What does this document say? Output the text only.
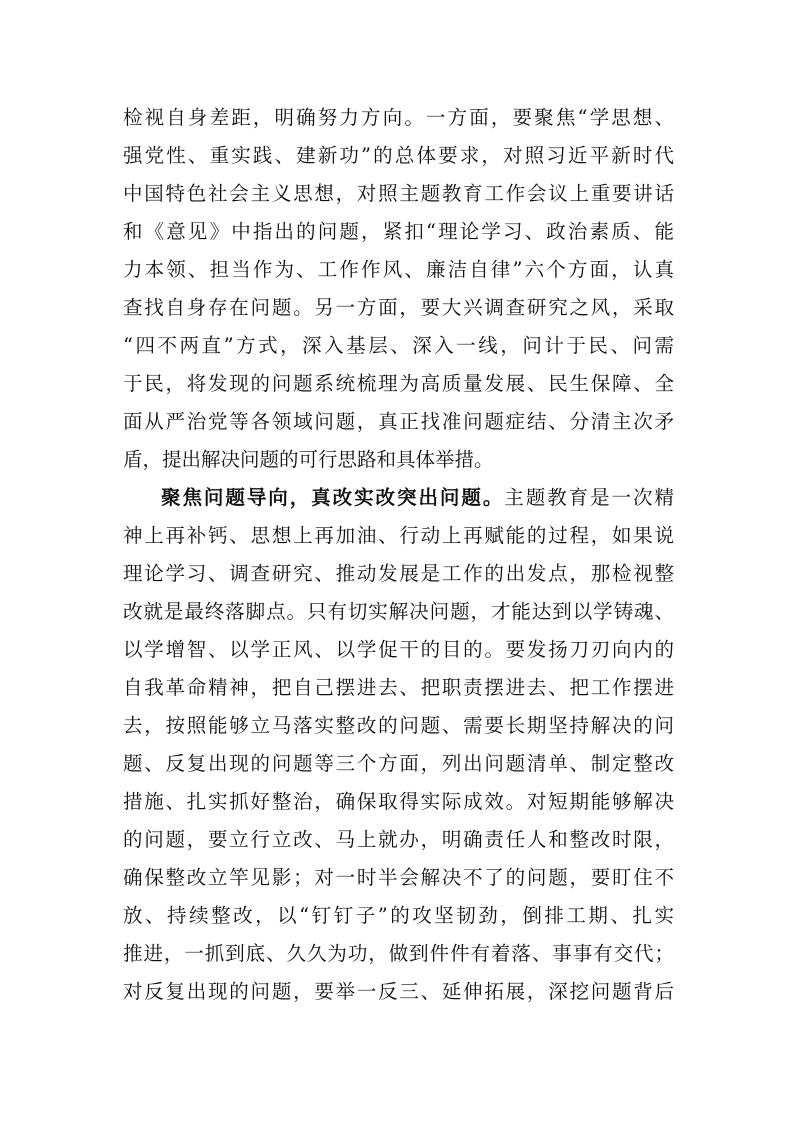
检视自身差距，明确努力方向。一方面，要聚焦“学思想、
强党性、重实践、建新功”的总体要求，对照习近平新时代
中国特色社会主义思想，对照主题教育工作会议上重要讲话
和《意见》中指出的问题，紧扣“理论学习、政治素质、能
力本领、担当作为、工作作风、廉洁自律”六个方面，认真
查找自身存在问题。另一方面，要大兴调查研究之风，采取
“四不两直”方式，深入基层、深入一线，问计于民、问需
于民，将发现的问题系统梳理为高质量发展、民生保障、全
面从严治党等各领域问题，真正找准问题症结、分清主次矛
盾，提出解决问题的可行思路和具体举措。
聚焦问题导向，真改实改突出问题。主题教育是一次精
神上再补钙、思想上再加油、行动上再赋能的过程，如果说
理论学习、调查研究、推动发展是工作的出发点，那检视整
改就是最终落脚点。只有切实解决问题，才能达到以学铸魂、
以学增智、以学正风、以学促干的目的。要发扬刀刃向内的
自我革命精神，把自己摆进去、把职责摆进去、把工作摆进
去，按照能够立马落实整改的问题、需要长期坚持解决的问
题、反复出现的问题等三个方面，列出问题清单、制定整改
措施、扎实抓好整治，确保取得实际成效。对短期能够解决
的问题，要立行立改、马上就办，明确责任人和整改时限，
确保整改立竿见影；对一时半会解决不了的问题，要盯住不
放、持续整改，以“钉钉子”的攻坚韧劲，倒排工期、扎实
推进，一抓到底、久久为功，做到件件有着落、事事有交代；
对反复出现的问题，要举一反三、延伸拓展，深挖问题背后
